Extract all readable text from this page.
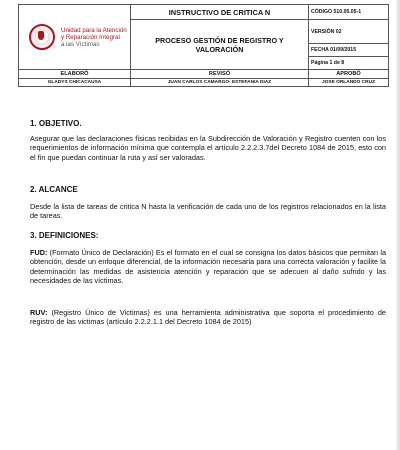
Unidad para la Atención
y Reparación Integral
a las Víctimas	INSTRUCTIVO DE CRITICA N	CÓDIGO 510.05.05-1
	PROCESO GESTIÓN DE REGISTRO Y VALORACIÓN	VERSIÓN 02
		FECHA 01/09/2015
		Página 1 de 8
ELABORÓ	REVISÓ	APROBÓ
GLADYS CHICACAUSA	JUAN CARLOS CAMARGO- ESTEFANIA DIAZ	JOSE ORLANDO CRUZ
1. OBJETIVO.
Asegurar que las declaraciones físicas recibidas en la Subdirección de Valoración y Registro cuenten con los requerimientos de información mínima que contempla el artículo 2.2.2.3.7del Decreto 1084 de 2015, esto con el fin que puedan continuar la ruta y así ser valoradas.
2. ALCANCE
Desde la lista de tareas de critica N hasta la verificación de cada uno de los registros relacionados en la lista de tareas.
3. DEFINICIONES:
FUD: (Formato Único de Declaración) Es el formato en el cual se consigna los datos básicos que permitan la obtención, desde un enfoque diferencial, de la información necesaria para una correcta valoración y facilite la determinación las medidas de asistencia atención y reparación que se adecuen al daño sufrido y las necesidades de las víctimas.
RUV: (Registro Único de Victimas) es una herramienta administrativa que soporta el procedimiento de registro de las victimas (artículo 2.2.2.1.1 del Decreto 1084 de 2015)
